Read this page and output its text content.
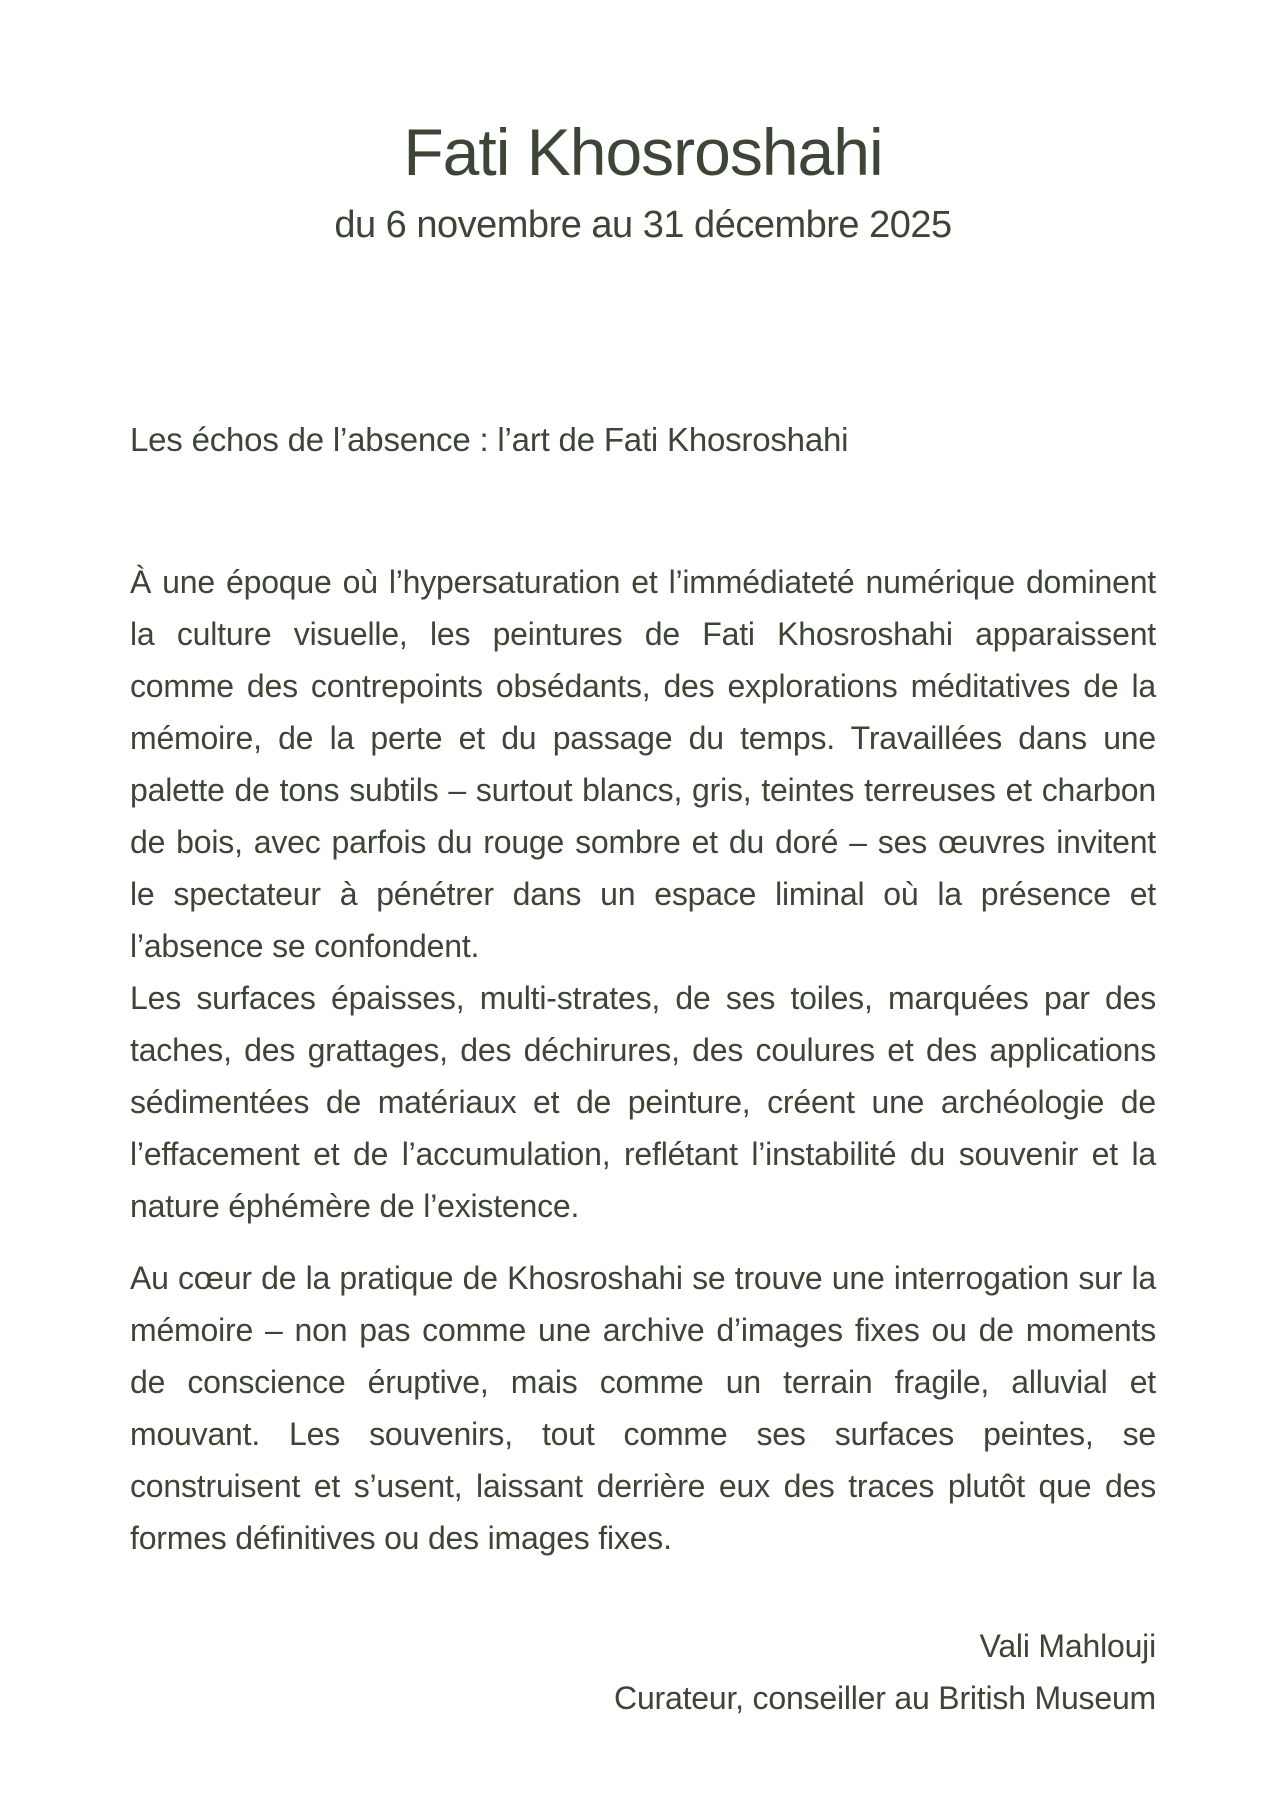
Fati Khosroshahi
du 6 novembre au 31 décembre 2025
Les échos de l’absence : l’art de Fati Khosroshahi

À une époque où l’hypersaturation et l’immédiateté numérique dominent la culture visuelle, les peintures de Fati Khosroshahi apparaissent comme des contrepoints obsédants, des explorations méditatives de la mémoire, de la perte et du passage du temps. Travaillées dans une palette de tons subtils – surtout blancs, gris, teintes terreuses et charbon de bois, avec parfois du rouge sombre et du doré – ses œuvres invitent le spectateur à pénétrer dans un espace liminal où la présence et l’absence se confondent.

Les surfaces épaisses, multi-strates, de ses toiles, marquées par des taches, des grattages, des déchirures, des coulures et des applications sédimentées de matériaux et de peinture, créent une archéologie de l’effacement et de l’accumulation, reflétant l’instabilité du souvenir et la nature éphémère de l’existence.

Au cœur de la pratique de Khosroshahi se trouve une interrogation sur la mémoire – non pas comme une archive d’images fixes ou de moments de conscience éruptive, mais comme un terrain fragile, alluvial et mouvant. Les souvenirs, tout comme ses surfaces peintes, se construisent et s’usent, laissant derrière eux des traces plutôt que des formes définitives ou des images fixes.

Vali Mahlouji
Curateur, conseiller au British Museum
